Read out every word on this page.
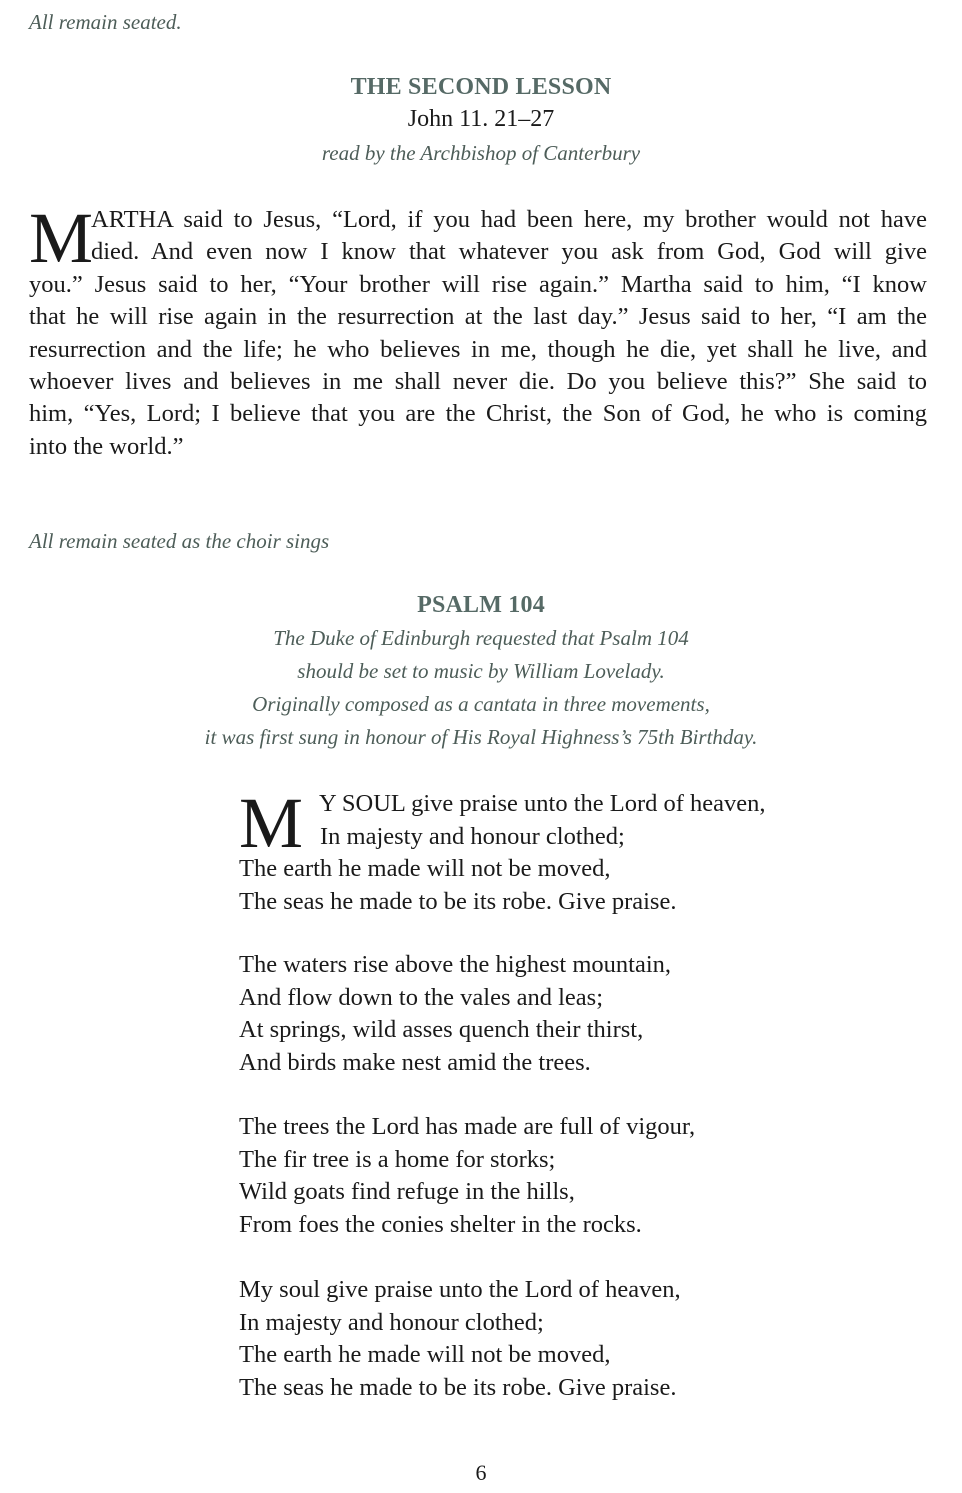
All remain seated.
THE SECOND LESSON
John 11. 21–27
read by the Archbishop of Canterbury
M
ARTHA said to Jesus, “Lord, if you had been here, my brother would not have
died. And even now I know that whatever you ask from God, God will give
you.” Jesus said to her, “Your brother will rise again.” Martha said to him, “I know
that he will rise again in the resurrection at the last day.” Jesus said to her, “I am the
resurrection and the life; he who believes in me, though he die, yet shall he live, and
whoever lives and believes in me shall never die. Do you believe this?” She said to
him, “Yes, Lord; I believe that you are the Christ, the Son of God, he who is coming
into the world.”
All remain seated as the choir sings
PSALM 104
The Duke of Edinburgh requested that Psalm 104
should be set to music by William Lovelady.
Originally composed as a cantata in three movements,
it was first sung in honour of His Royal Highness’s 75th Birthday.
M Y SOUL give praise unto the Lord of heaven,
In majesty and honour clothed;
The earth he made will not be moved,
The seas he made to be its robe. Give praise.
The waters rise above the highest mountain,
And flow down to the vales and leas;
At springs, wild asses quench their thirst,
And birds make nest amid the trees.
The trees the Lord has made are full of vigour,
The fir tree is a home for storks;
Wild goats find refuge in the hills,
From foes the conies shelter in the rocks.
My soul give praise unto the Lord of heaven,
In majesty and honour clothed;
The earth he made will not be moved,
The seas he made to be its robe. Give praise.
6
